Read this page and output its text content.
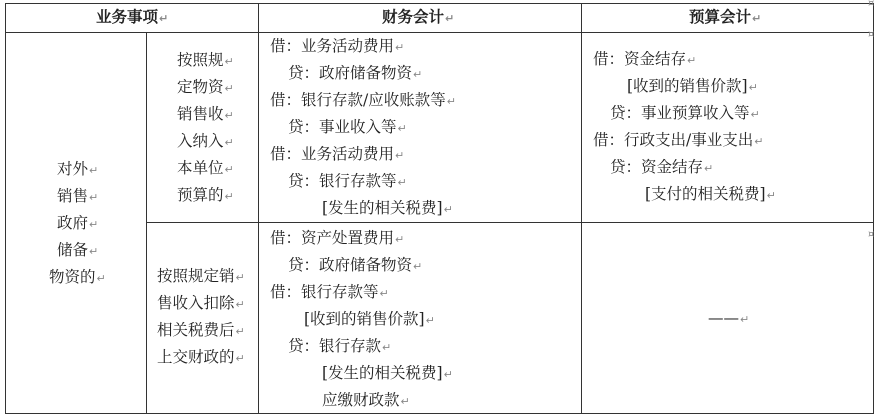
业务事项↵	财务会计↵	预算会计↵
对外↵
销售↵
政府↵
储备↵
物资的↵
按照规↵
定物资↵
销售收↵
入纳入↵
本单位↵
预算的↵
借：业务活动费用↵
贷：政府储备物资↵
借：银行存款/应收账款等↵
贷：事业收入等↵
借：业务活动费用↵
贷：银行存款等↵
[发生的相关税费]↵
借：资金结存↵
[收到的销售价款]↵
贷：事业预算收入等↵
借：行政支出/事业支出↵
贷：资金结存↵
[支付的相关税费]↵
按照规定销↵
售收入扣除↵
相关税费后↵
上交财政的↵
借：资产处置费用↵
贷：政府储备物资↵
借：银行存款等↵
[收到的销售价款]↵
贷：银行存款↵
[发生的相关税费]↵
应缴财政款↵
——↵
¤
¤
¤
